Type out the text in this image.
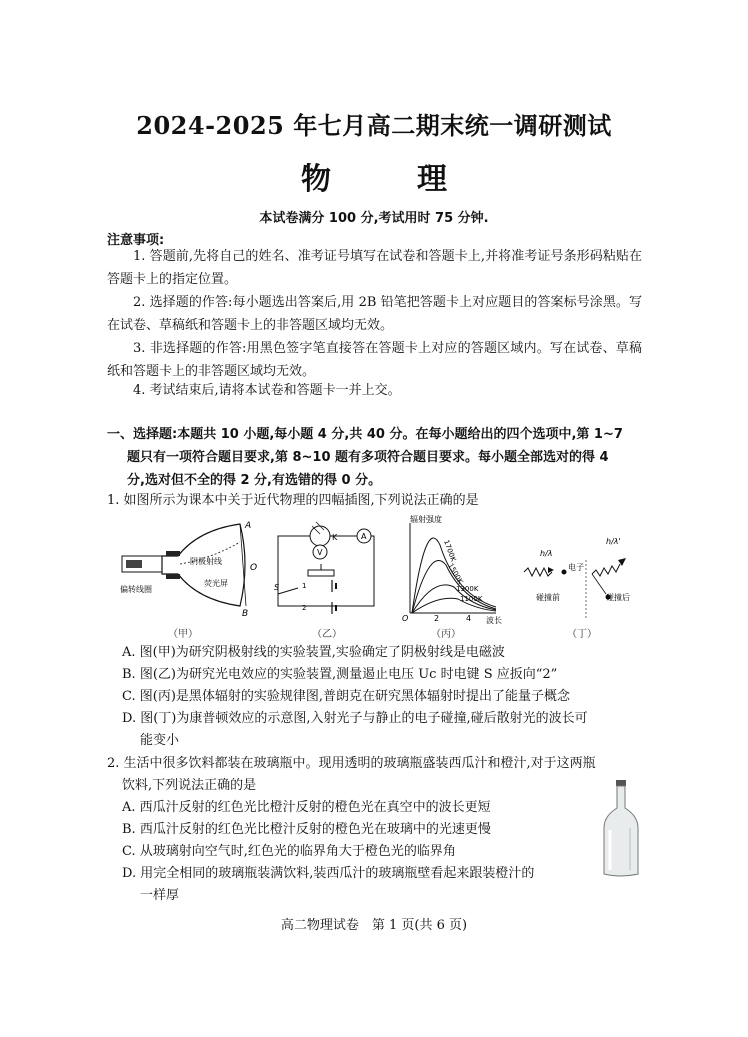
2024-2025 年七月高二期末统一调研测试
物　理
本试卷满分 100 分,考试用时 75 分钟.
注意事项:
1. 答题前,先将自己的姓名、准考证号填写在试卷和答题卡上,并将准考证号条形码粘贴在答题卡上的指定位置。
2. 选择题的作答:每小题选出答案后,用 2B 铅笔把答题卡上对应题目的答案标号涂黑。写在试卷、草稿纸和答题卡上的非答题区域均无效。
3. 非选择题的作答:用黑色签字笔直接答在答题卡上对应的答题区域内。写在试卷、草稿纸和答题卡上的非答题区域均无效。
4. 考试结束后,请将本试卷和答题卡一并上交。
一、选择题:本题共 10 小题,每小题 4 分,共 40 分。在每小题给出的四个选项中,第 1~7
题只有一项符合题目要求,第 8~10 题有多项符合题目要求。每小题全部选对的得 4
分,选对但不全的得 2 分,有选错的得 0 分。
1. 如图所示为课本中关于近代物理的四幅插图,下列说法正确的是
A
O
B
阴极射线
偏转线圈
荧光屏
（甲）
V
K	A
S	1
2
（乙）
辐射强度
波长
O	2	4
1700K
1500K
1300K
1100K
（丙）
h/λ
电子
碰撞前
h/λ'
碰撞后
（丁）
A. 图(甲)为研究阴极射线的实验装置,实验确定了阴极射线是电磁波
B. 图(乙)为研究光电效应的实验装置,测量遏止电压 Uc 时电键 S 应扳向“2”
C. 图(丙)是黑体辐射的实验规律图,普朗克在研究黑体辐射时提出了能量子概念
D. 图(丁)为康普顿效应的示意图,入射光子与静止的电子碰撞,碰后散射光的波长可
能变小
2. 生活中很多饮料都装在玻璃瓶中。现用透明的玻璃瓶盛装西瓜汁和橙汁,对于这两瓶
饮料,下列说法正确的是
A. 西瓜汁反射的红色光比橙汁反射的橙色光在真空中的波长更短
B. 西瓜汁反射的红色光比橙汁反射的橙色光在玻璃中的光速更慢
C. 从玻璃射向空气时,红色光的临界角大于橙色光的临界角
D. 用完全相同的玻璃瓶装满饮料,装西瓜汁的玻璃瓶壁看起来跟装橙汁的
一样厚
高二物理试卷　第 1 页(共 6 页)
